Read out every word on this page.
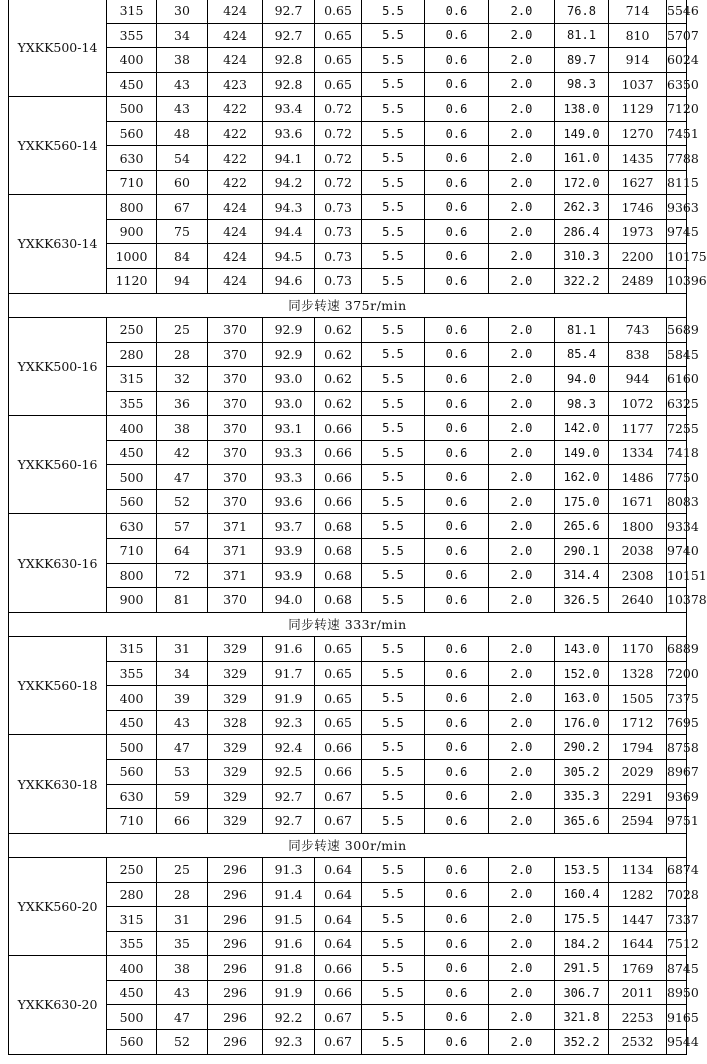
YXKK500-14	315	30	424	92.7	0.65	5.5	0.6	2.0	76.8	714	5546	
	355	34	424	92.7	0.65	5.5	0.6	2.0	81.1	810	5707	
	400	38	424	92.8	0.65	5.5	0.6	2.0	89.7	914	6024	
	450	43	423	92.8	0.65	5.5	0.6	2.0	98.3	1037	6350	
YXKK560-14	500	43	422	93.4	0.72	5.5	0.6	2.0	138.0	1129	7120	
	560	48	422	93.6	0.72	5.5	0.6	2.0	149.0	1270	7451	
	630	54	422	94.1	0.72	5.5	0.6	2.0	161.0	1435	7788	
	710	60	422	94.2	0.72	5.5	0.6	2.0	172.0	1627	8115	
YXKK630-14	800	67	424	94.3	0.73	5.5	0.6	2.0	262.3	1746	9363	
	900	75	424	94.4	0.73	5.5	0.6	2.0	286.4	1973	9745	
	1000	84	424	94.5	0.73	5.5	0.6	2.0	310.3	2200	10175	
	1120	94	424	94.6	0.73	5.5	0.6	2.0	322.2	2489	10396	
同步转速 375r/min												
YXKK500-16	250	25	370	92.9	0.62	5.5	0.6	2.0	81.1	743	5689	
	280	28	370	92.9	0.62	5.5	0.6	2.0	85.4	838	5845	
	315	32	370	93.0	0.62	5.5	0.6	2.0	94.0	944	6160	
	355	36	370	93.0	0.62	5.5	0.6	2.0	98.3	1072	6325	
YXKK560-16	400	38	370	93.1	0.66	5.5	0.6	2.0	142.0	1177	7255	
	450	42	370	93.3	0.66	5.5	0.6	2.0	149.0	1334	7418	
	500	47	370	93.3	0.66	5.5	0.6	2.0	162.0	1486	7750	
	560	52	370	93.6	0.66	5.5	0.6	2.0	175.0	1671	8083	
YXKK630-16	630	57	371	93.7	0.68	5.5	0.6	2.0	265.6	1800	9334	
	710	64	371	93.9	0.68	5.5	0.6	2.0	290.1	2038	9740	
	800	72	371	93.9	0.68	5.5	0.6	2.0	314.4	2308	10151	
	900	81	370	94.0	0.68	5.5	0.6	2.0	326.5	2640	10378	
同步转速 333r/min												
YXKK560-18	315	31	329	91.6	0.65	5.5	0.6	2.0	143.0	1170	6889	
	355	34	329	91.7	0.65	5.5	0.6	2.0	152.0	1328	7200	
	400	39	329	91.9	0.65	5.5	0.6	2.0	163.0	1505	7375	
	450	43	328	92.3	0.65	5.5	0.6	2.0	176.0	1712	7695	
YXKK630-18	500	47	329	92.4	0.66	5.5	0.6	2.0	290.2	1794	8758	
	560	53	329	92.5	0.66	5.5	0.6	2.0	305.2	2029	8967	
	630	59	329	92.7	0.67	5.5	0.6	2.0	335.3	2291	9369	
	710	66	329	92.7	0.67	5.5	0.6	2.0	365.6	2594	9751	
同步转速 300r/min												
YXKK560-20	250	25	296	91.3	0.64	5.5	0.6	2.0	153.5	1134	6874	
	280	28	296	91.4	0.64	5.5	0.6	2.0	160.4	1282	7028	
	315	31	296	91.5	0.64	5.5	0.6	2.0	175.5	1447	7337	
	355	35	296	91.6	0.64	5.5	0.6	2.0	184.2	1644	7512	
YXKK630-20	400	38	296	91.8	0.66	5.5	0.6	2.0	291.5	1769	8745	
	450	43	296	91.9	0.66	5.5	0.6	2.0	306.7	2011	8950	
	500	47	296	92.2	0.67	5.5	0.6	2.0	321.8	2253	9165	
	560	52	296	92.3	0.67	5.5	0.6	2.0	352.2	2532	9544	
